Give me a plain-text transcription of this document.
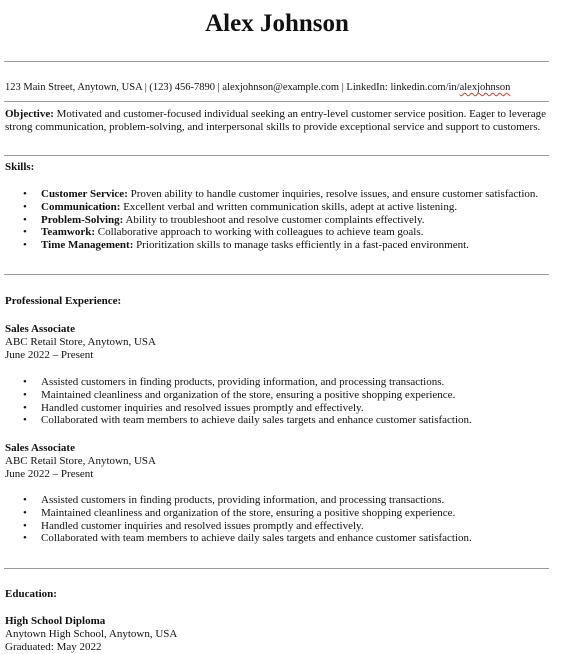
Alex Johnson
123 Main Street, Anytown, USA | (123) 456-7890 | alexjohnson@example.com | LinkedIn: linkedin.com/in/alexjohnson
Objective: Motivated and customer-focused individual seeking an entry-level customer service position. Eager to leverage strong communication, problem-solving, and interpersonal skills to provide exceptional service and support to customers.
Skills:
• Customer Service: Proven ability to handle customer inquiries, resolve issues, and ensure customer satisfaction.
• Communication: Excellent verbal and written communication skills, adept at active listening.
• Problem-Solving: Ability to troubleshoot and resolve customer complaints effectively.
• Teamwork: Collaborative approach to working with colleagues to achieve team goals.
• Time Management: Prioritization skills to manage tasks efficiently in a fast-paced environment.
Professional Experience:
Sales Associate
ABC Retail Store, Anytown, USA
June 2022 – Present
• Assisted customers in finding products, providing information, and processing transactions.
• Maintained cleanliness and organization of the store, ensuring a positive shopping experience.
• Handled customer inquiries and resolved issues promptly and effectively.
• Collaborated with team members to achieve daily sales targets and enhance customer satisfaction.
Sales Associate
ABC Retail Store, Anytown, USA
June 2022 – Present
• Assisted customers in finding products, providing information, and processing transactions.
• Maintained cleanliness and organization of the store, ensuring a positive shopping experience.
• Handled customer inquiries and resolved issues promptly and effectively.
• Collaborated with team members to achieve daily sales targets and enhance customer satisfaction.
Education:
High School Diploma
Anytown High School, Anytown, USA
Graduated: May 2022
